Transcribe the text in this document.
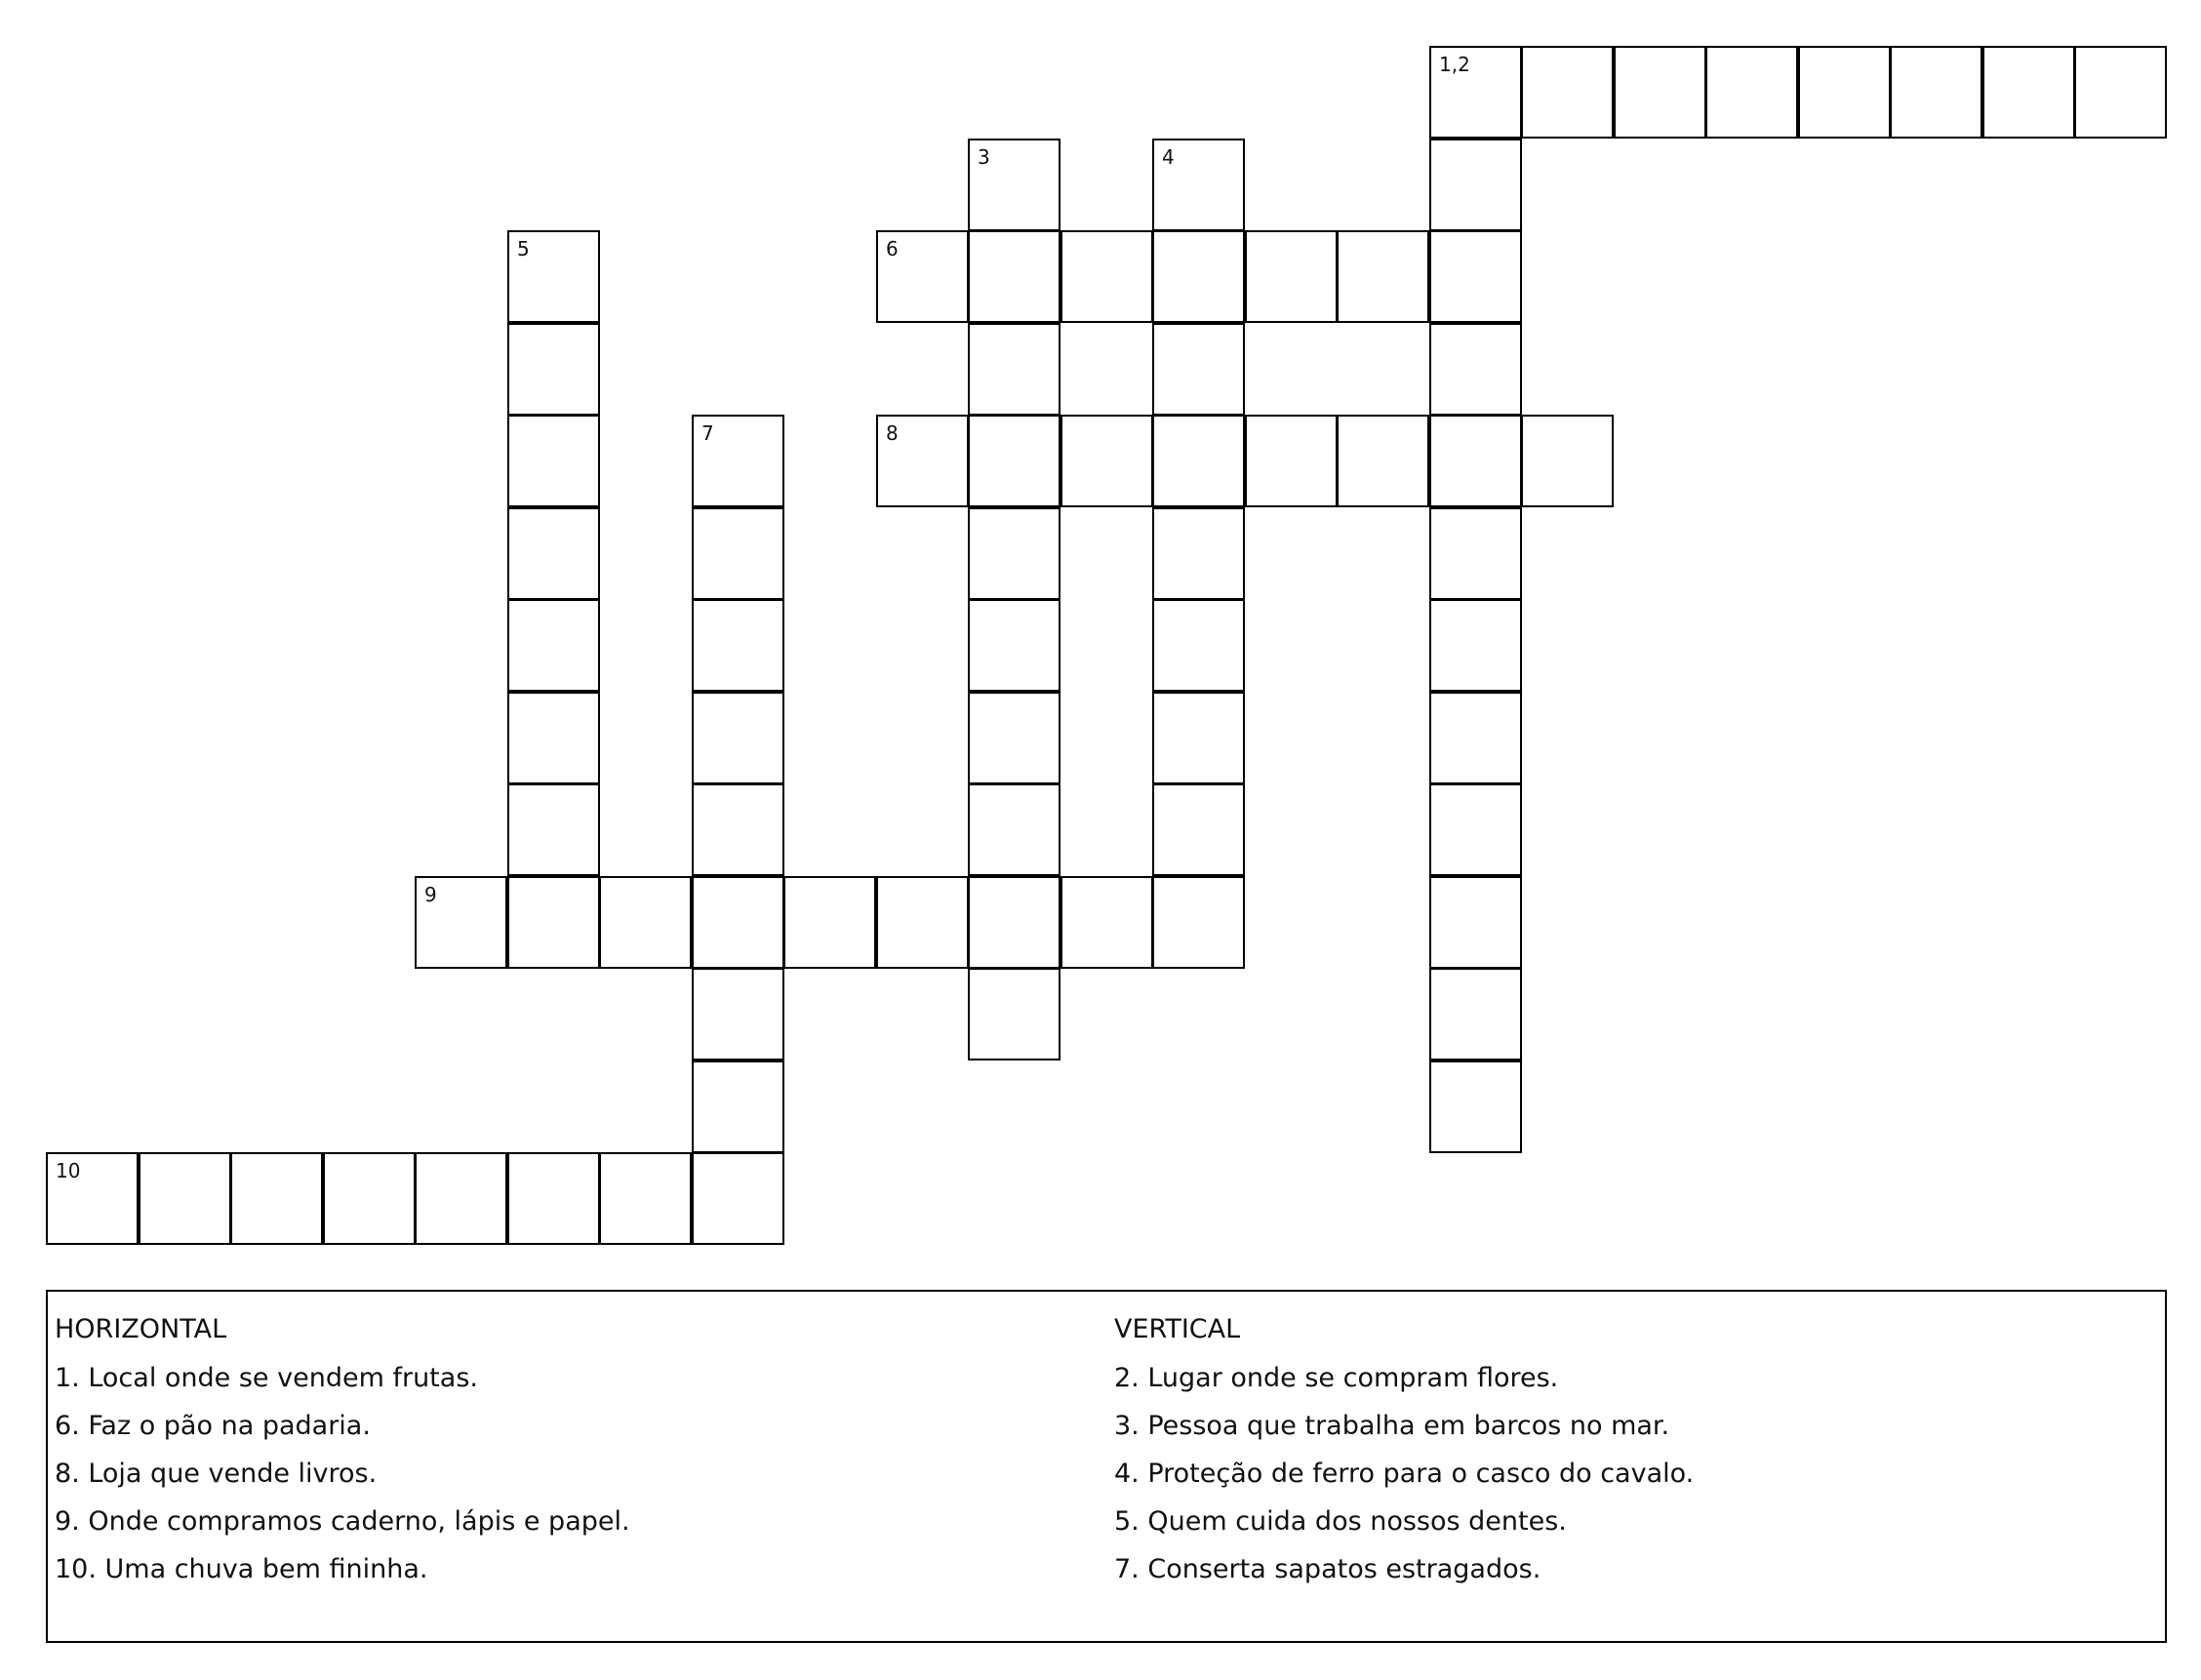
1,2
3	4
5	6
7	8
9
10
HORIZONTAL
1. Local onde se vendem frutas.
6. Faz o pão na padaria.
8. Loja que vende livros.
9. Onde compramos caderno, lápis e papel.
10. Uma chuva bem fininha.
VERTICAL
2. Lugar onde se compram flores.
3. Pessoa que trabalha em barcos no mar.
4. Proteção de ferro para o casco do cavalo.
5. Quem cuida dos nossos dentes.
7. Conserta sapatos estragados.
